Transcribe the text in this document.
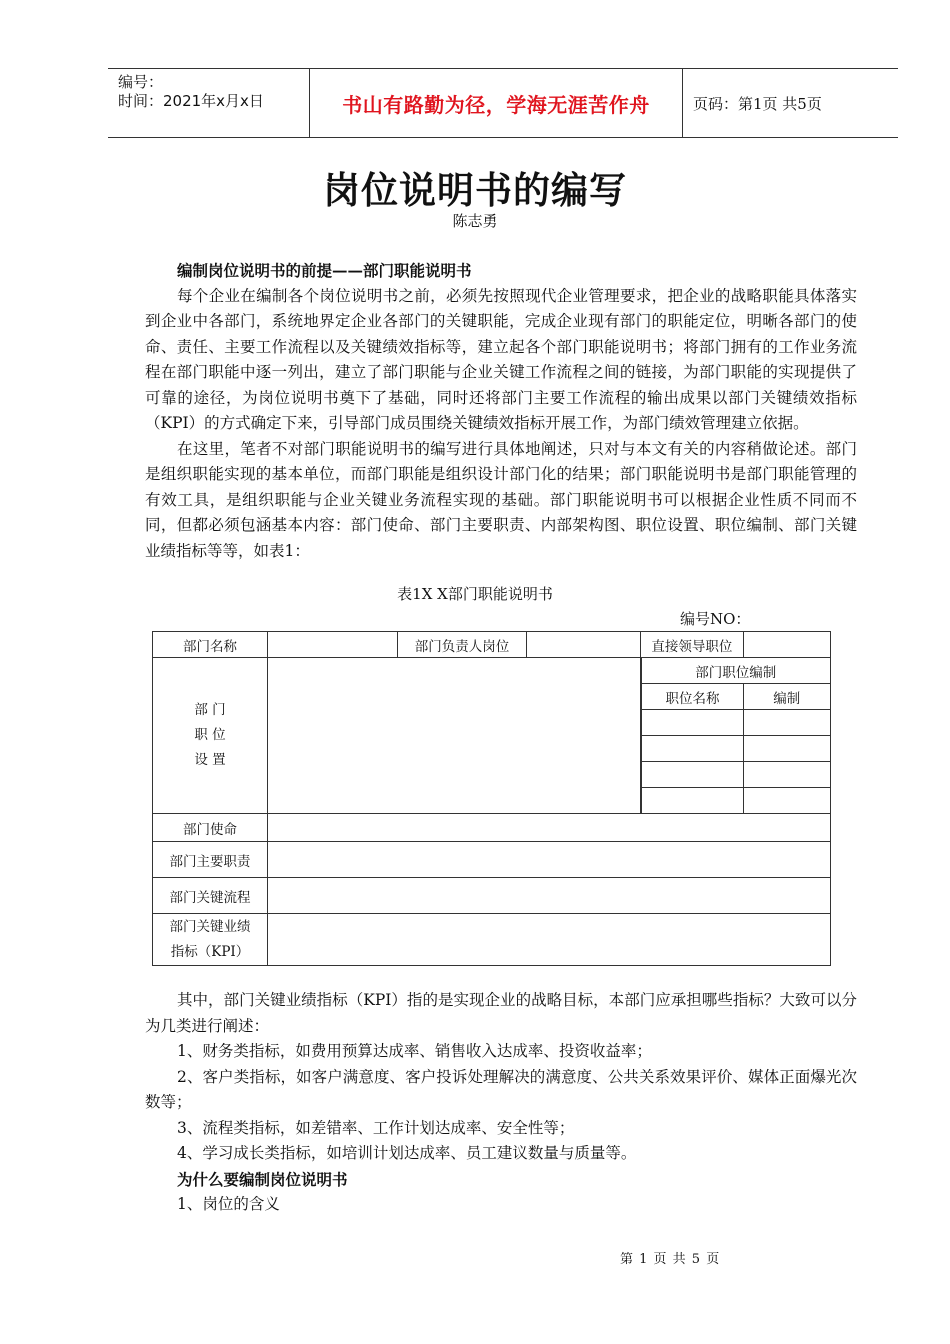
编号：
时间：2021年x月x日	书山有路勤为径，学海无涯苦作舟	页码：第1页 共5页
岗位说明书的编写
陈志勇

编制岗位说明书的前提——部门职能说明书

每个企业在编制各个岗位说明书之前，必须先按照现代企业管理要求，把企业的战略职能具体落实到企业中各部门，系统地界定企业各部门的关键职能，完成企业现有部门的职能定位，明晰各部门的使命、责任、主要工作流程以及关键绩效指标等，建立起各个部门职能说明书；将部门拥有的工作业务流程在部门职能中逐一列出，建立了部门职能与企业关键工作流程之间的链接，为部门职能的实现提供了可靠的途径，为岗位说明书奠下了基础，同时还将部门主要工作流程的输出成果以部门关键绩效指标（KPI）的方式确定下来，引导部门成员围绕关键绩效指标开展工作，为部门绩效管理建立依据。

在这里，笔者不对部门职能说明书的编写进行具体地阐述，只对与本文有关的内容稍做论述。部门是组织职能实现的基本单位，而部门职能是组织设计部门化的结果；部门职能说明书是部门职能管理的有效工具，是组织职能与企业关键业务流程实现的基础。部门职能说明书可以根据企业性质不同而不同，但都必须包涵基本内容：部门使命、部门主要职责、内部架构图、职位设置、职位编制、部门关键业绩指标等等，如表1：

表1X X部门职能说明书
编号NO：
部门名称		部门负责人岗位		直接领导职位	

部 门
职 位
设 置

部门职位编制
职位名称	编制

部门使命	
部门主要职责	
部门关键流程	

部门关键业绩
指标（KPI）

其中，部门关键业绩指标（KPI）指的是实现企业的战略目标，本部门应承担哪些指标？大致可以分为几类进行阐述：

1、财务类指标，如费用预算达成率、销售收入达成率、投资收益率；

2、客户类指标，如客户满意度、客户投诉处理解决的满意度、公共关系效果评价、媒体正面爆光次数等；

3、流程类指标，如差错率、工作计划达成率、安全性等；

4、学习成长类指标，如培训计划达成率、员工建议数量与质量等。

为什么要编制岗位说明书

1、岗位的含义

第 1 页 共 5 页
